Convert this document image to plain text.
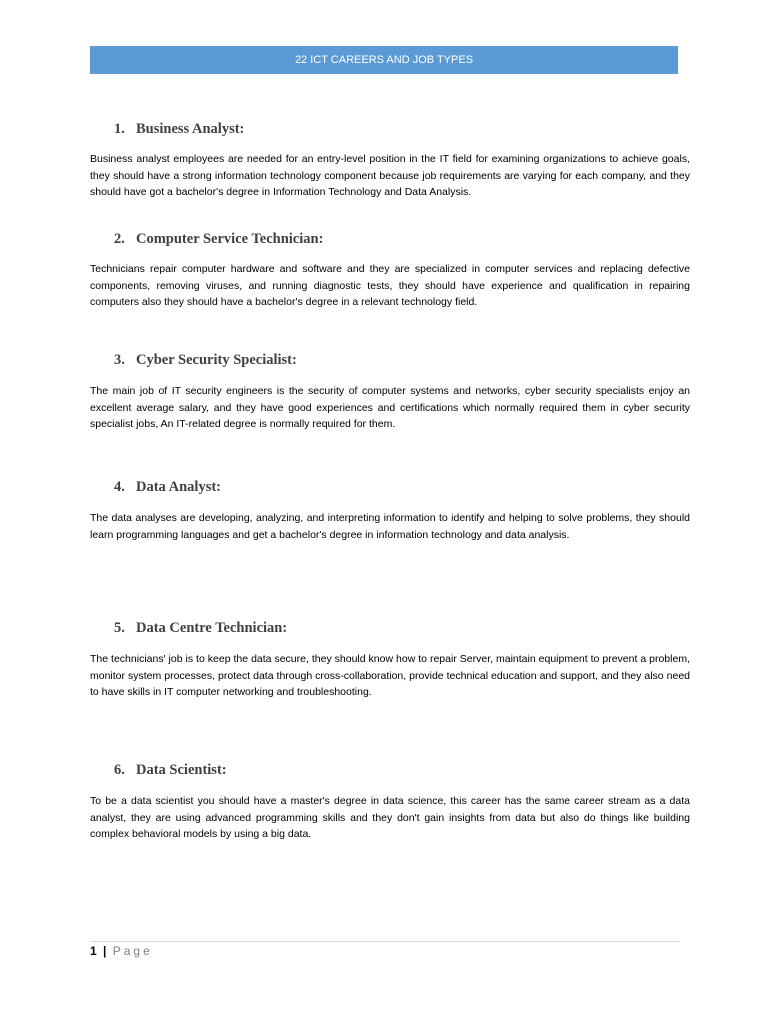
22 ICT CAREERS AND JOB TYPES
1. Business Analyst:

Business analyst employees are needed for an entry-level position in the IT field for examining organizations to achieve goals, they should have a strong information technology component because job requirements are varying for each company, and they should have got a bachelor's degree in Information Technology and Data Analysis.

2. Computer Service Technician:

Technicians repair computer hardware and software and they are specialized in computer services and replacing defective components, removing viruses, and running diagnostic tests, they should have experience and qualification in repairing computers also they should have a bachelor's degree in a relevant technology field.

3. Cyber Security Specialist:

The main job of IT security engineers is the security of computer systems and networks, cyber security specialists enjoy an excellent average salary, and they have good experiences and certifications which normally required them in cyber security specialist jobs, An IT-related degree is normally required for them.

4. Data Analyst:

The data analyses are developing, analyzing, and interpreting information to identify and helping to solve problems, they should learn programming languages and get a bachelor's degree in information technology and data analysis.

5. Data Centre Technician:

The technicians' job is to keep the data secure, they should know how to repair Server, maintain equipment to prevent a problem, monitor system processes, protect data through cross-collaboration, provide technical education and support, and they also need to have skills in IT computer networking and troubleshooting.

6. Data Scientist:

To be a data scientist you should have a master's degree in data science, this career has the same career stream as a data analyst, they are using advanced programming skills and they don't gain insights from data but also do things like building complex behavioral models by using a big data.

1 | Page
